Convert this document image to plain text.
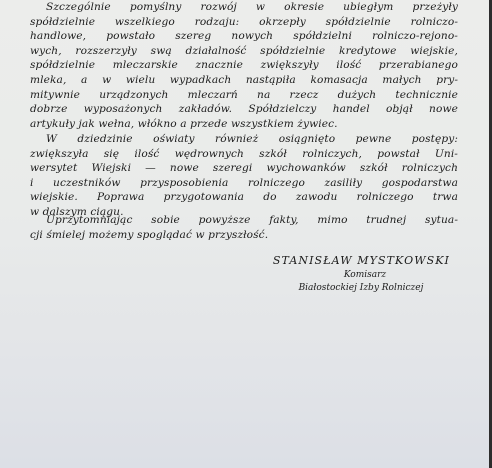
Szczególnie pomyślny rozwój w okresie ubiegłym przeżyły
spółdzielnie wszelkiego rodzaju: okrzepły spółdzielnie rolniczo-
handlowe, powstało szereg nowych spółdzielni rolniczo-rejono-
wych, rozszerzyły swą działalność spółdzielnie kredytowe wiejskie,
spółdzielnie mleczarskie znacznie zwiększyły ilość przerabianego
mleka, a w wielu wypadkach nastąpiła komasacja małych pry-
mitywnie urządzonych mleczarń na rzecz dużych technicznie
dobrze wyposażonych zakładów. Spółdzielczy handel objął nowe
artykuły jak wełna, włókno a przede wszystkiem żywiec.
W dziedzinie oświaty również osiągnięto pewne postępy:
zwiększyła się ilość wędrownych szkół rolniczych, powstał Uni-
wersytet Wiejski — nowe szeregi wychowanków szkół rolniczych
i uczestników przysposobienia rolniczego zasiliły gospodarstwa
wiejskie. Poprawa przygotowania do zawodu rolniczego trwa
w dalszym ciągu.
Uprzytomniając sobie powyższe fakty, mimo trudnej sytua-
cji śmielej możemy spoglądać w przyszłość.
STANISŁAW MYSTKOWSKI
Komisarz
Białostockiej Izby Rolniczej
